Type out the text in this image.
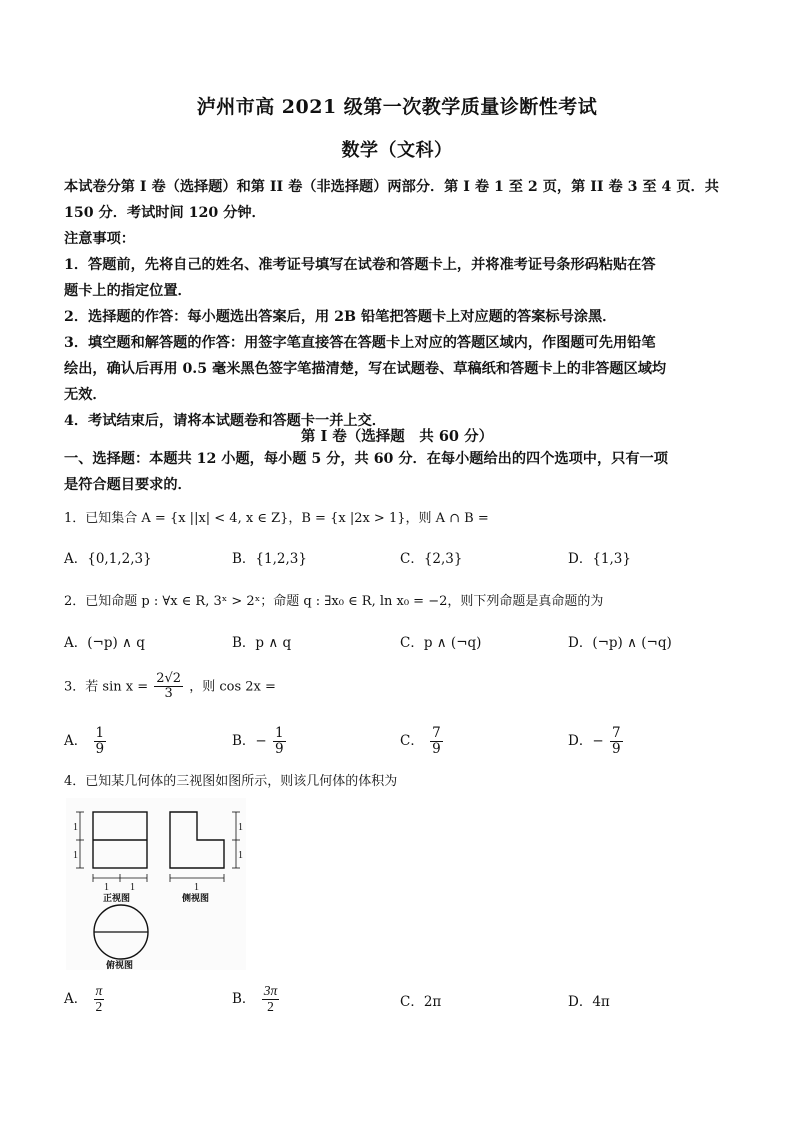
泸州市高 2021 级第一次教学质量诊断性考试
数学（文科）
本试卷分第 I 卷（选择题）和第 II 卷（非选择题）两部分．第 I 卷 1 至 2 页，第 II 卷 3 至 4 页．共
150 分．考试时间 120 分钟．
注意事项：
1．答题前，先将自己的姓名、准考证号填写在试卷和答题卡上，并将准考证号条形码粘贴在答
题卡上的指定位置．
2．选择题的作答：每小题选出答案后，用 2B 铅笔把答题卡上对应题的答案标号涂黑．
3．填空题和解答题的作答：用签字笔直接答在答题卡上对应的答题区域内，作图题可先用铅笔
绘出，确认后再用 0.5 毫米黑色签字笔描清楚，写在试题卷、草稿纸和答题卡上的非答题区域均
无效．
4．考试结束后，请将本试题卷和答题卡一并上交．
第 I 卷（选择题　共 60 分）
一、选择题：本题共 12 小题，每小题 5 分，共 60 分．在每小题给出的四个选项中，只有一项
是符合题目要求的．
1．已知集合 A = {x ||x| < 4, x ∈ Z}，B = {x |2x > 1}，则 A ∩ B =
A．{0,1,2,3}	B．{1,2,3}	C．{2,3}	D．{1,3}
2．已知命题 p : ∀x ∈ R, 3ˣ > 2ˣ；命题 q : ∃x₀ ∈ R, ln x₀ = −2，则下列命题是真命题的为
A．(¬p) ∧ q	B．p ∧ q	C．p ∧ (¬q)	D．(¬p) ∧ (¬q)
3．若 $\sin x = \frac{2√2}{3}$ ，则 cos 2x =
A． $\frac{1}{9}$	B．− $\frac{1}{9}$	C． $\frac{7}{9}$	D．− $\frac{7}{9}$
4．已知某几何体的三视图如图所示，则该几何体的体积为
1
1
1 1
正视图
1
1
1
侧视图
俯视图
A． $\frac{\pi}{2}$	B． $\frac{3\pi}{2}$	C．2π	D．4π
